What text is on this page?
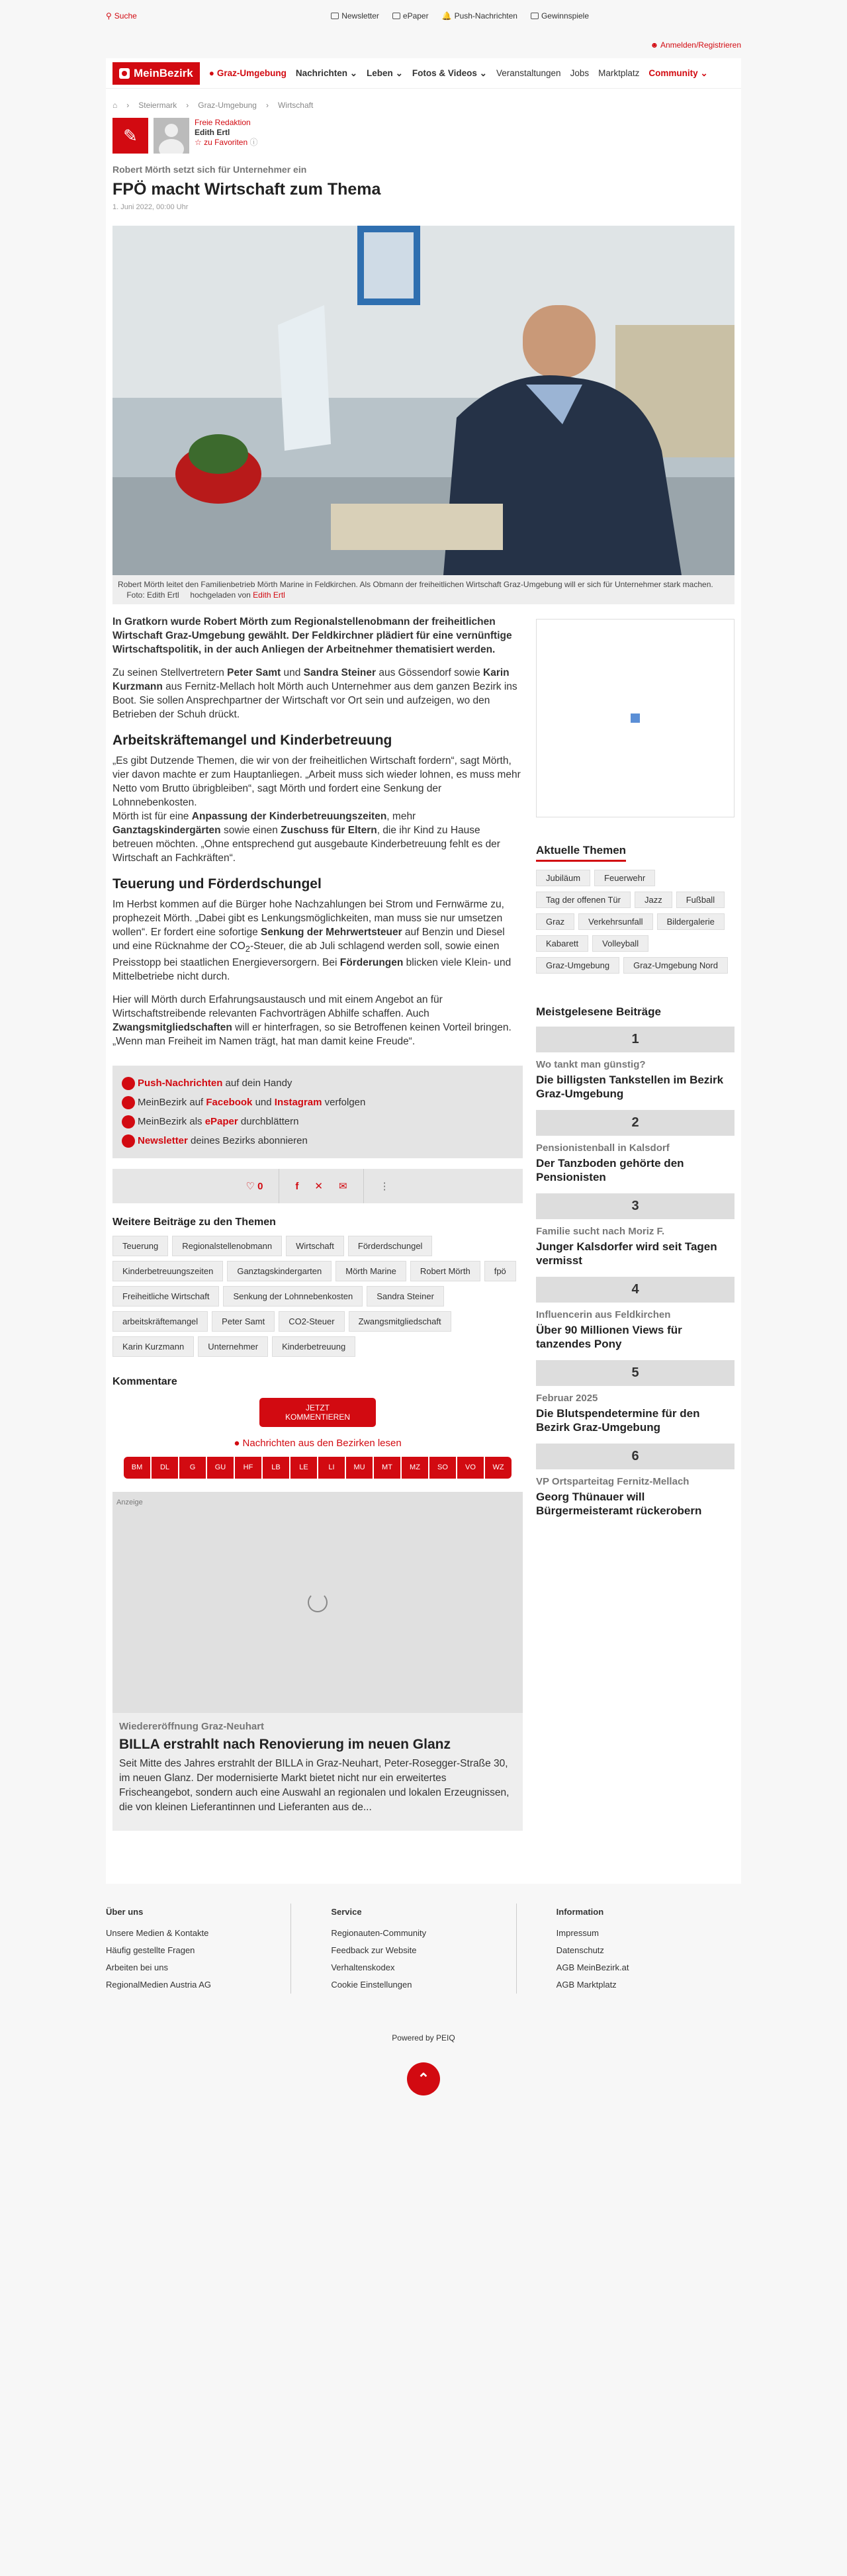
⚲ Suche	Newsletter	ePaper 🔔 Push-Nachrichten	Gewinnspiele
☻ Anmelden/Registrieren
MeinBezirk ● Graz-Umgebung Nachrichten ⌄ Leben ⌄ Fotos & Videos ⌄ Veranstaltungen Jobs Marktplatz Community ⌄
⌂ › Steiermark › Graz-Umgebung › Wirtschaft
✎
Freie Redaktion
Edith Ertl
☆ zu Favoriten ⓘ
Robert Mörth setzt sich für Unternehmer ein
FPÖ macht Wirtschaft zum Thema
1. Juni 2022, 00:00 Uhr
Robert Mörth leitet den Familienbetrieb Mörth Marine in Feldkirchen. Als Obmann der freiheitlichen Wirtschaft Graz-Umgebung will er sich für Unternehmer stark machen.     Foto: Edith Ertl hochgeladen von Edith Ertl

In Gratkorn wurde Robert Mörth zum Regionalstellenobmann der freiheitlichen Wirtschaft Graz-Umgebung gewählt. Der Feldkirchner plädiert für eine vernünftige Wirtschaftspolitik, in der auch Anliegen der Arbeitnehmer thematisiert werden.

Zu seinen Stellvertretern Peter Samt und Sandra Steiner aus Gössendorf sowie Karin Kurzmann aus Fernitz-Mellach holt Mörth auch Unternehmer aus dem ganzen Bezirk ins Boot. Sie sollen Ansprechpartner der Wirtschaft vor Ort sein und aufzeigen, wo den Betrieben der Schuh drückt.

Arbeitskräftemangel und Kinderbetreuung

„Es gibt Dutzende Themen, die wir von der freiheitlichen Wirtschaft fordern“, sagt Mörth, vier davon machte er zum Hauptanliegen. „Arbeit muss sich wieder lohnen, es muss mehr Netto vom Brutto übrigbleiben“, sagt Mörth und fordert eine Senkung der Lohnnebenkosten.
Mörth ist für eine Anpassung der Kinderbetreuungszeiten, mehr Ganztagskindergärten sowie einen Zuschuss für Eltern, die ihr Kind zu Hause betreuen möchten. „Ohne entsprechend gut ausgebaute Kinderbetreuung fehlt es der Wirtschaft an Fachkräften“.

Teuerung und Förderdschungel

Im Herbst kommen auf die Bürger hohe Nachzahlungen bei Strom und Fernwärme zu, prophezeit Mörth. „Dabei gibt es Lenkungsmöglichkeiten, man muss sie nur umsetzen wollen“. Er fordert eine sofortige Senkung der Mehrwertsteuer auf Benzin und Diesel und eine Rücknahme der $CO_2$-Steuer, die ab Juli schlagend werden soll, sowie einen Preisstopp bei staatlichen Energieversorgern. Bei Förderungen blicken viele Klein- und Mittelbetriebe nicht durch.

Hier will Mörth durch Erfahrungsaustausch und mit einem Angebot an für Wirtschaftstreibende relevanten Fachvorträgen Abhilfe schaffen. Auch Zwangsmitgliedschaften will er hinterfragen, so sie Betroffenen keinen Vorteil bringen. „Wenn man Freiheit im Namen trägt, hat man damit keine Freude“.

Push-Nachrichten auf dein Handy
MeinBezirk auf Facebook und Instagram verfolgen
MeinBezirk als ePaper durchblättern
Newsletter deines Bezirks abonnieren
♡ 0	f ✕ ✉	⋮
Weitere Beiträge zu den Themen
Teuerung	Regionalstellenobmann	Wirtschaft	FörderdschungelKinderbetreuungszeiten	Ganztagskindergarten	Mörth Marine	Robert Mörth	fpöFreiheitliche Wirtschaft	Senkung der Lohnnebenkosten	Sandra Steinerarbeitskräftemangel	Peter Samt	CO2-Steuer	ZwangsmitgliedschaftKarin Kurzmann	Unternehmer	Kinderbetreuung
Kommentare
JETZT KOMMENTIEREN
● Nachrichten aus den Bezirken lesen
BM	DL	G	GU	HF	LB	LE	LI	MU	MT	MZ	SO	VO	WZ
Anzeige
Wiedereröffnung Graz-Neuhart
BILLA erstrahlt nach Renovierung im neuen Glanz

Seit Mitte des Jahres erstrahlt der BILLA in Graz-Neuhart, Peter-Rosegger-Straße 30, im neuen Glanz. Der modernisierte Markt bietet nicht nur ein erweitertes Frischeangebot, sondern auch eine Auswahl an regionalen und lokalen Erzeugnissen, die von kleinen Lieferantinnen und Lieferanten aus de...

Aktuelle Themen
Jubiläum	FeuerwehrTag der offenen Tür	Jazz	FußballGraz	Verkehrsunfall	BildergalerieKabarett	VolleyballGraz-Umgebung	Graz-Umgebung Nord
Meistgelesene Beiträge
1
Wo tankt man günstig?
Die billigsten Tankstellen im Bezirk Graz-Umgebung
2
Pensionistenball in Kalsdorf
Der Tanzboden gehörte den Pensionisten
3
Familie sucht nach Moriz F.
Junger Kalsdorfer wird seit Tagen vermisst
4
Influencerin aus Feldkirchen
Über 90 Millionen Views für tanzendes Pony
5
Februar 2025
Die Blutspendetermine für den Bezirk Graz-Umgebung
6
VP Ortsparteitag Fernitz-Mellach
Georg Thünauer will Bürgermeisteramt rückerobern
Über uns
Unsere Medien & Kontakte
Häufig gestellte Fragen
Arbeiten bei uns
RegionalMedien Austria AG
Service
Regionauten-Community
Feedback zur Website
Verhaltenskodex
Cookie Einstellungen
Information
Impressum
Datenschutz
AGB MeinBezirk.at
AGB Marktplatz
Powered by PEIQ
⌃
